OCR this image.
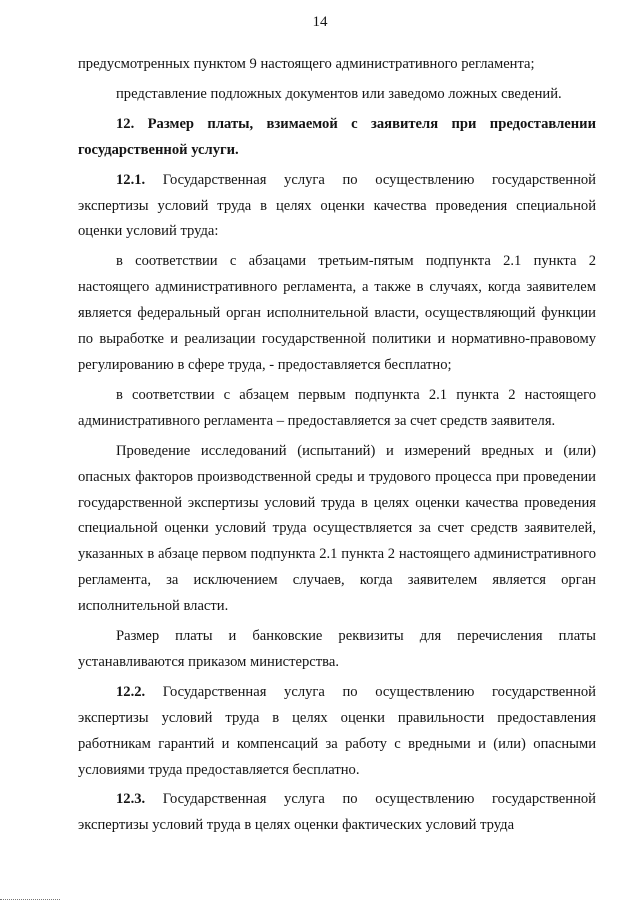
14

предусмотренных пунктом 9 настоящего административного регламента;

представление подложных документов или заведомо ложных сведений.

12. Размер платы, взимаемой с заявителя при предоставлении государственной услуги.

12.1. Государственная услуга по осуществлению государственной экспертизы условий труда в целях оценки качества проведения специальной оценки условий труда:

в соответствии с абзацами третьим-пятым подпункта 2.1 пункта 2 настоящего административного регламента, а также в случаях, когда заявителем является федеральный орган исполнительной власти, осуществляющий функции по выработке и реализации государственной политики и нормативно-правовому регулированию в сфере труда, - предоставляется бесплатно;

в соответствии с абзацем первым подпункта 2.1 пункта 2 настоящего административного регламента – предоставляется за счет средств заявителя.

Проведение исследований (испытаний) и измерений вредных и (или) опасных факторов производственной среды и трудового процесса при проведении государственной экспертизы условий труда в целях оценки качества проведения специальной оценки условий труда осуществляется за счет средств заявителей, указанных в абзаце первом подпункта 2.1 пункта 2 настоящего административного регламента, за исключением случаев, когда заявителем является орган исполнительной власти.

Размер платы и банковские реквизиты для перечисления платы устанавливаются приказом министерства.

12.2. Государственная услуга по осуществлению государственной экспертизы условий труда в целях оценки правильности предоставления работникам гарантий и компенсаций за работу с вредными и (или) опасными условиями труда предоставляется бесплатно.

12.3. Государственная услуга по осуществлению государственной экспертизы условий труда в целях оценки фактических условий труда
